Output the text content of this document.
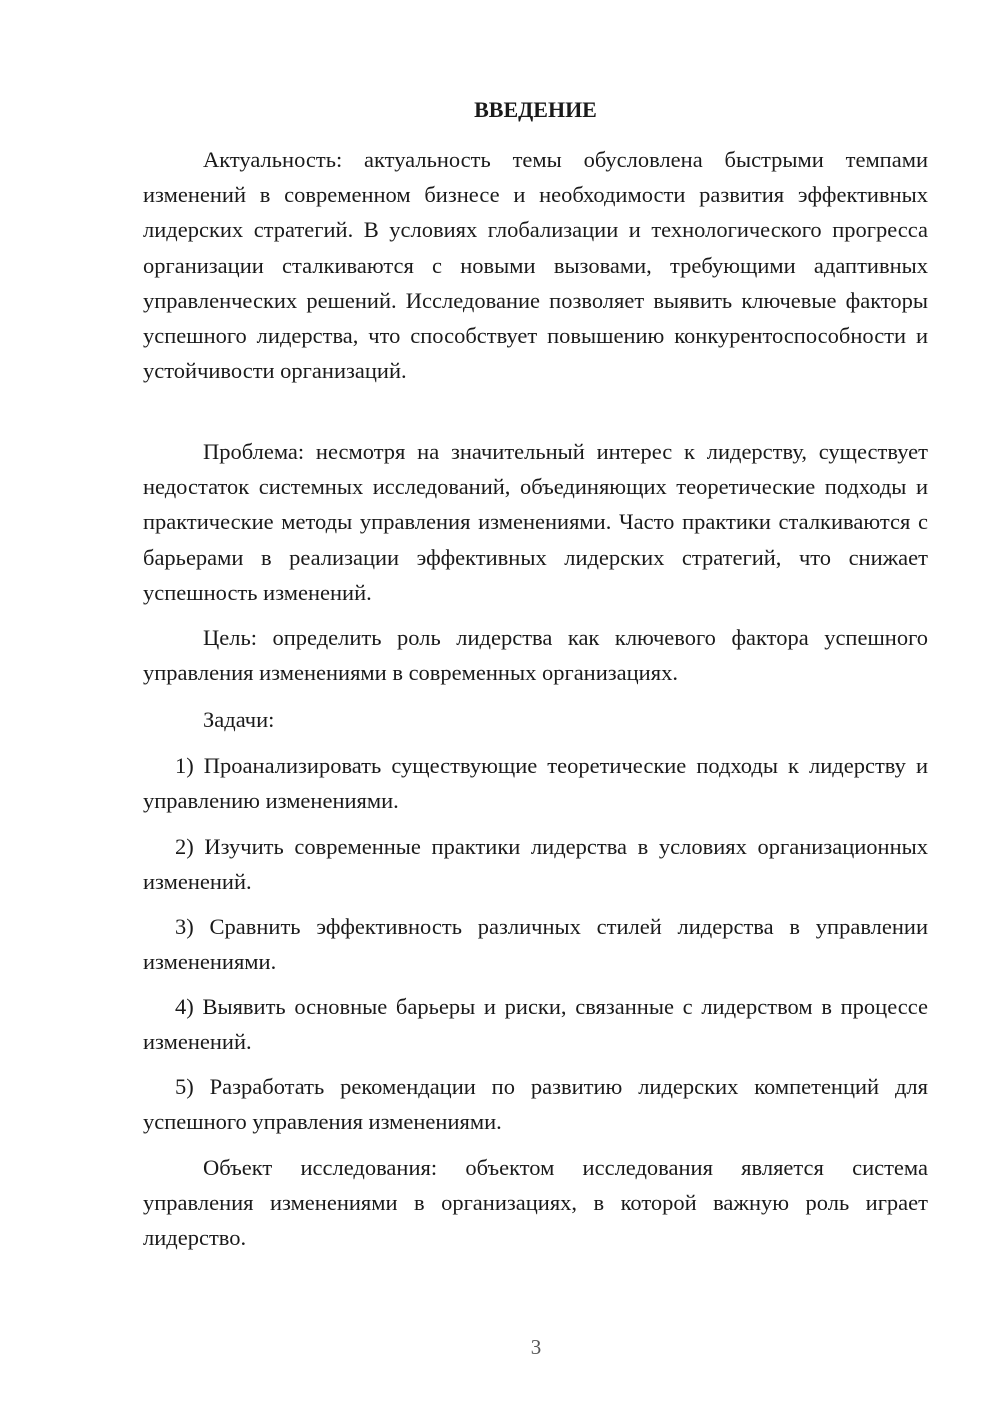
ВВЕДЕНИЕ

Актуальность: актуальность темы обусловлена быстрыми темпами изменений в современном бизнесе и необходимости развития эффективных лидерских стратегий. В условиях глобализации и технологического прогресса организации сталкиваются с новыми вызовами, требующими адаптивных управленческих решений. Исследование позволяет выявить ключевые факторы успешного лидерства, что способствует повышению конкурентоспособности и устойчивости организаций.

Проблема: несмотря на значительный интерес к лидерству, существует недостаток системных исследований, объединяющих теоретические подходы и практические методы управления изменениями. Часто практики сталкиваются с барьерами в реализации эффективных лидерских стратегий, что снижает успешность изменений.

Цель: определить роль лидерства как ключевого фактора успешного управления изменениями в современных организациях.

Задачи:

1) Проанализировать существующие теоретические подходы к лидерству и управлению изменениями.

2) Изучить современные практики лидерства в условиях организационных изменений.

3) Сравнить эффективность различных стилей лидерства в управлении изменениями.

4) Выявить основные барьеры и риски, связанные с лидерством в процессе изменений.

5) Разработать рекомендации по развитию лидерских компетенций для успешного управления изменениями.

Объект исследования: объектом исследования является система управления изменениями в организациях, в которой важную роль играет лидерство.

3
